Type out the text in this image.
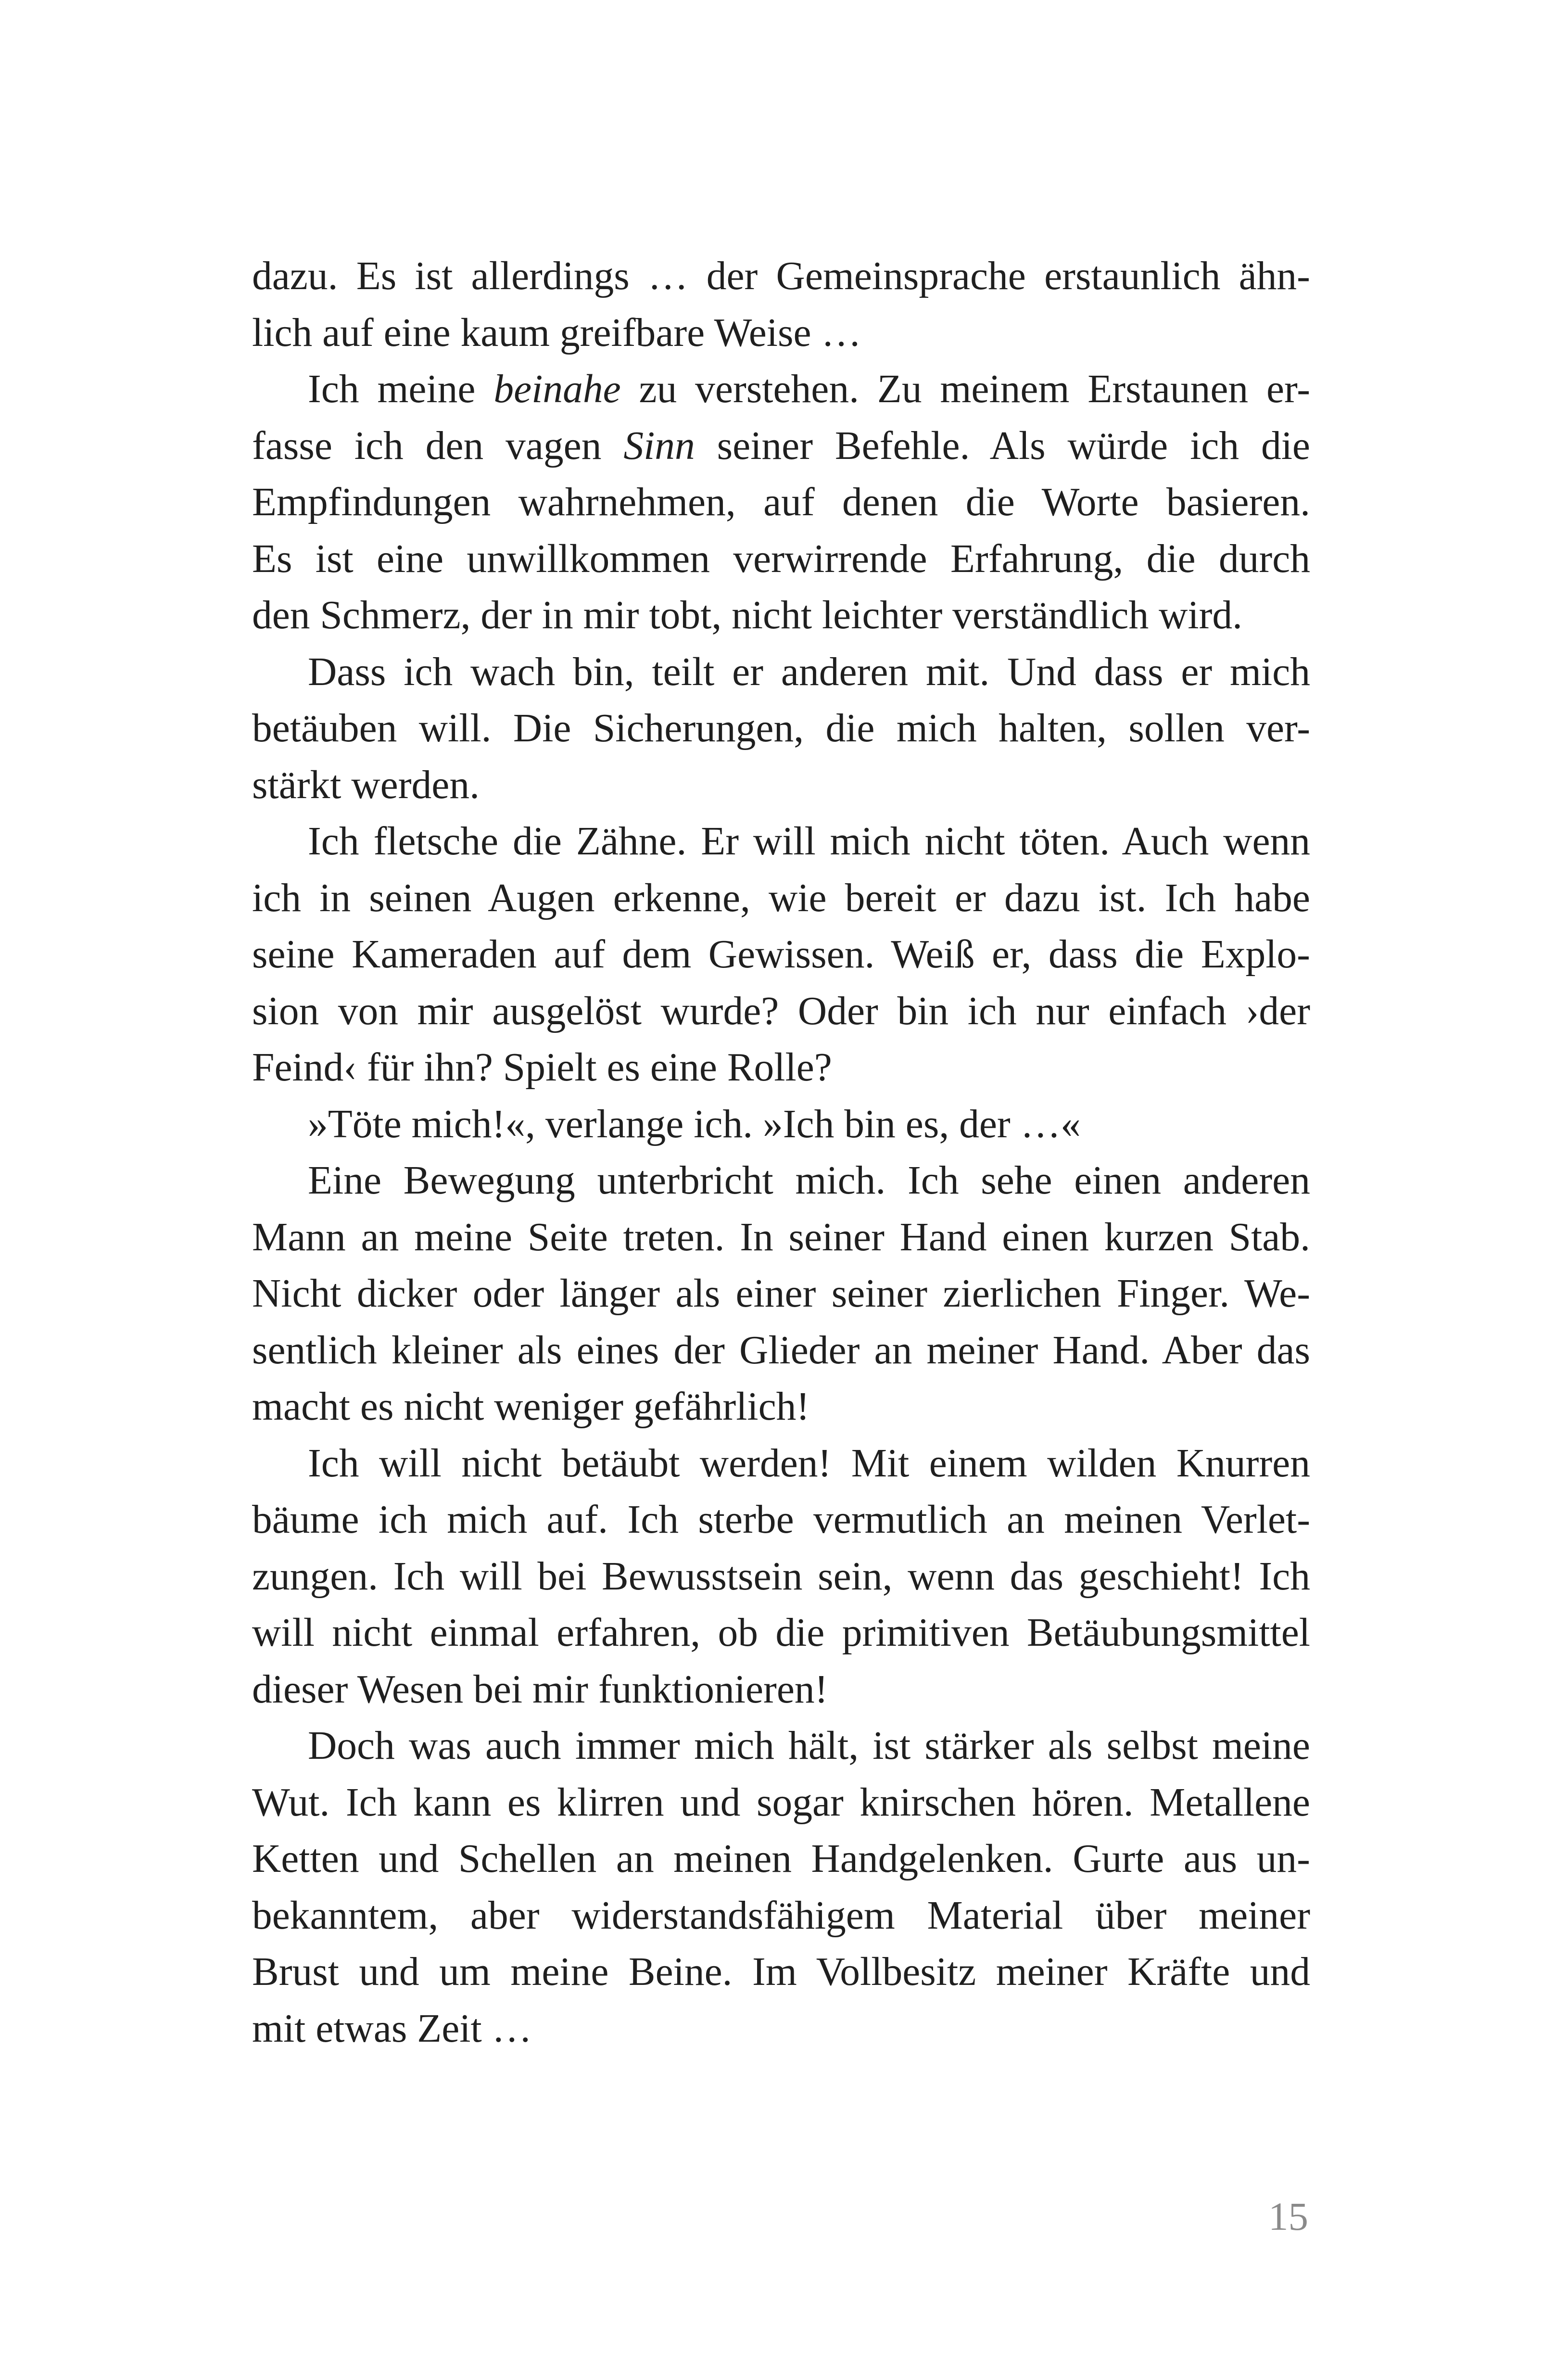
dazu. Es ist allerdings … der Gemeinsprache erstaunlich ähn-
lich auf eine kaum greifbare Weise …

Ich meine beinahe zu verstehen. Zu meinem Erstaunen er-
fasse ich den vagen Sinn seiner Befehle. Als würde ich die
Empfindungen wahrnehmen, auf denen die Worte basieren.
Es ist eine unwillkommen verwirrende Erfahrung, die durch
den Schmerz, der in mir tobt, nicht leichter verständlich wird.

Dass ich wach bin, teilt er anderen mit. Und dass er mich
betäuben will. Die Sicherungen, die mich halten, sollen ver-
stärkt werden.

Ich fletsche die Zähne. Er will mich nicht töten. Auch wenn
ich in seinen Augen erkenne, wie bereit er dazu ist. Ich habe
seine Kameraden auf dem Gewissen. Weiß er, dass die Explo-
sion von mir ausgelöst wurde? Oder bin ich nur einfach ›der
Feind‹ für ihn? Spielt es eine Rolle?

»Töte mich!«, verlange ich. »Ich bin es, der …«

Eine Bewegung unterbricht mich. Ich sehe einen anderen
Mann an meine Seite treten. In seiner Hand einen kurzen Stab.
Nicht dicker oder länger als einer seiner zierlichen Finger. We-
sentlich kleiner als eines der Glieder an meiner Hand. Aber das
macht es nicht weniger gefährlich!

Ich will nicht betäubt werden! Mit einem wilden Knurren
bäume ich mich auf. Ich sterbe vermutlich an meinen Verlet-
zungen. Ich will bei Bewusstsein sein, wenn das geschieht! Ich
will nicht einmal erfahren, ob die primitiven Betäubungsmittel
dieser Wesen bei mir funktionieren!

Doch was auch immer mich hält, ist stärker als selbst meine
Wut. Ich kann es klirren und sogar knirschen hören. Metallene
Ketten und Schellen an meinen Handgelenken. Gurte aus un-
bekanntem, aber widerstandsfähigem Material über meiner
Brust und um meine Beine. Im Vollbesitz meiner Kräfte und
mit etwas Zeit …

15
